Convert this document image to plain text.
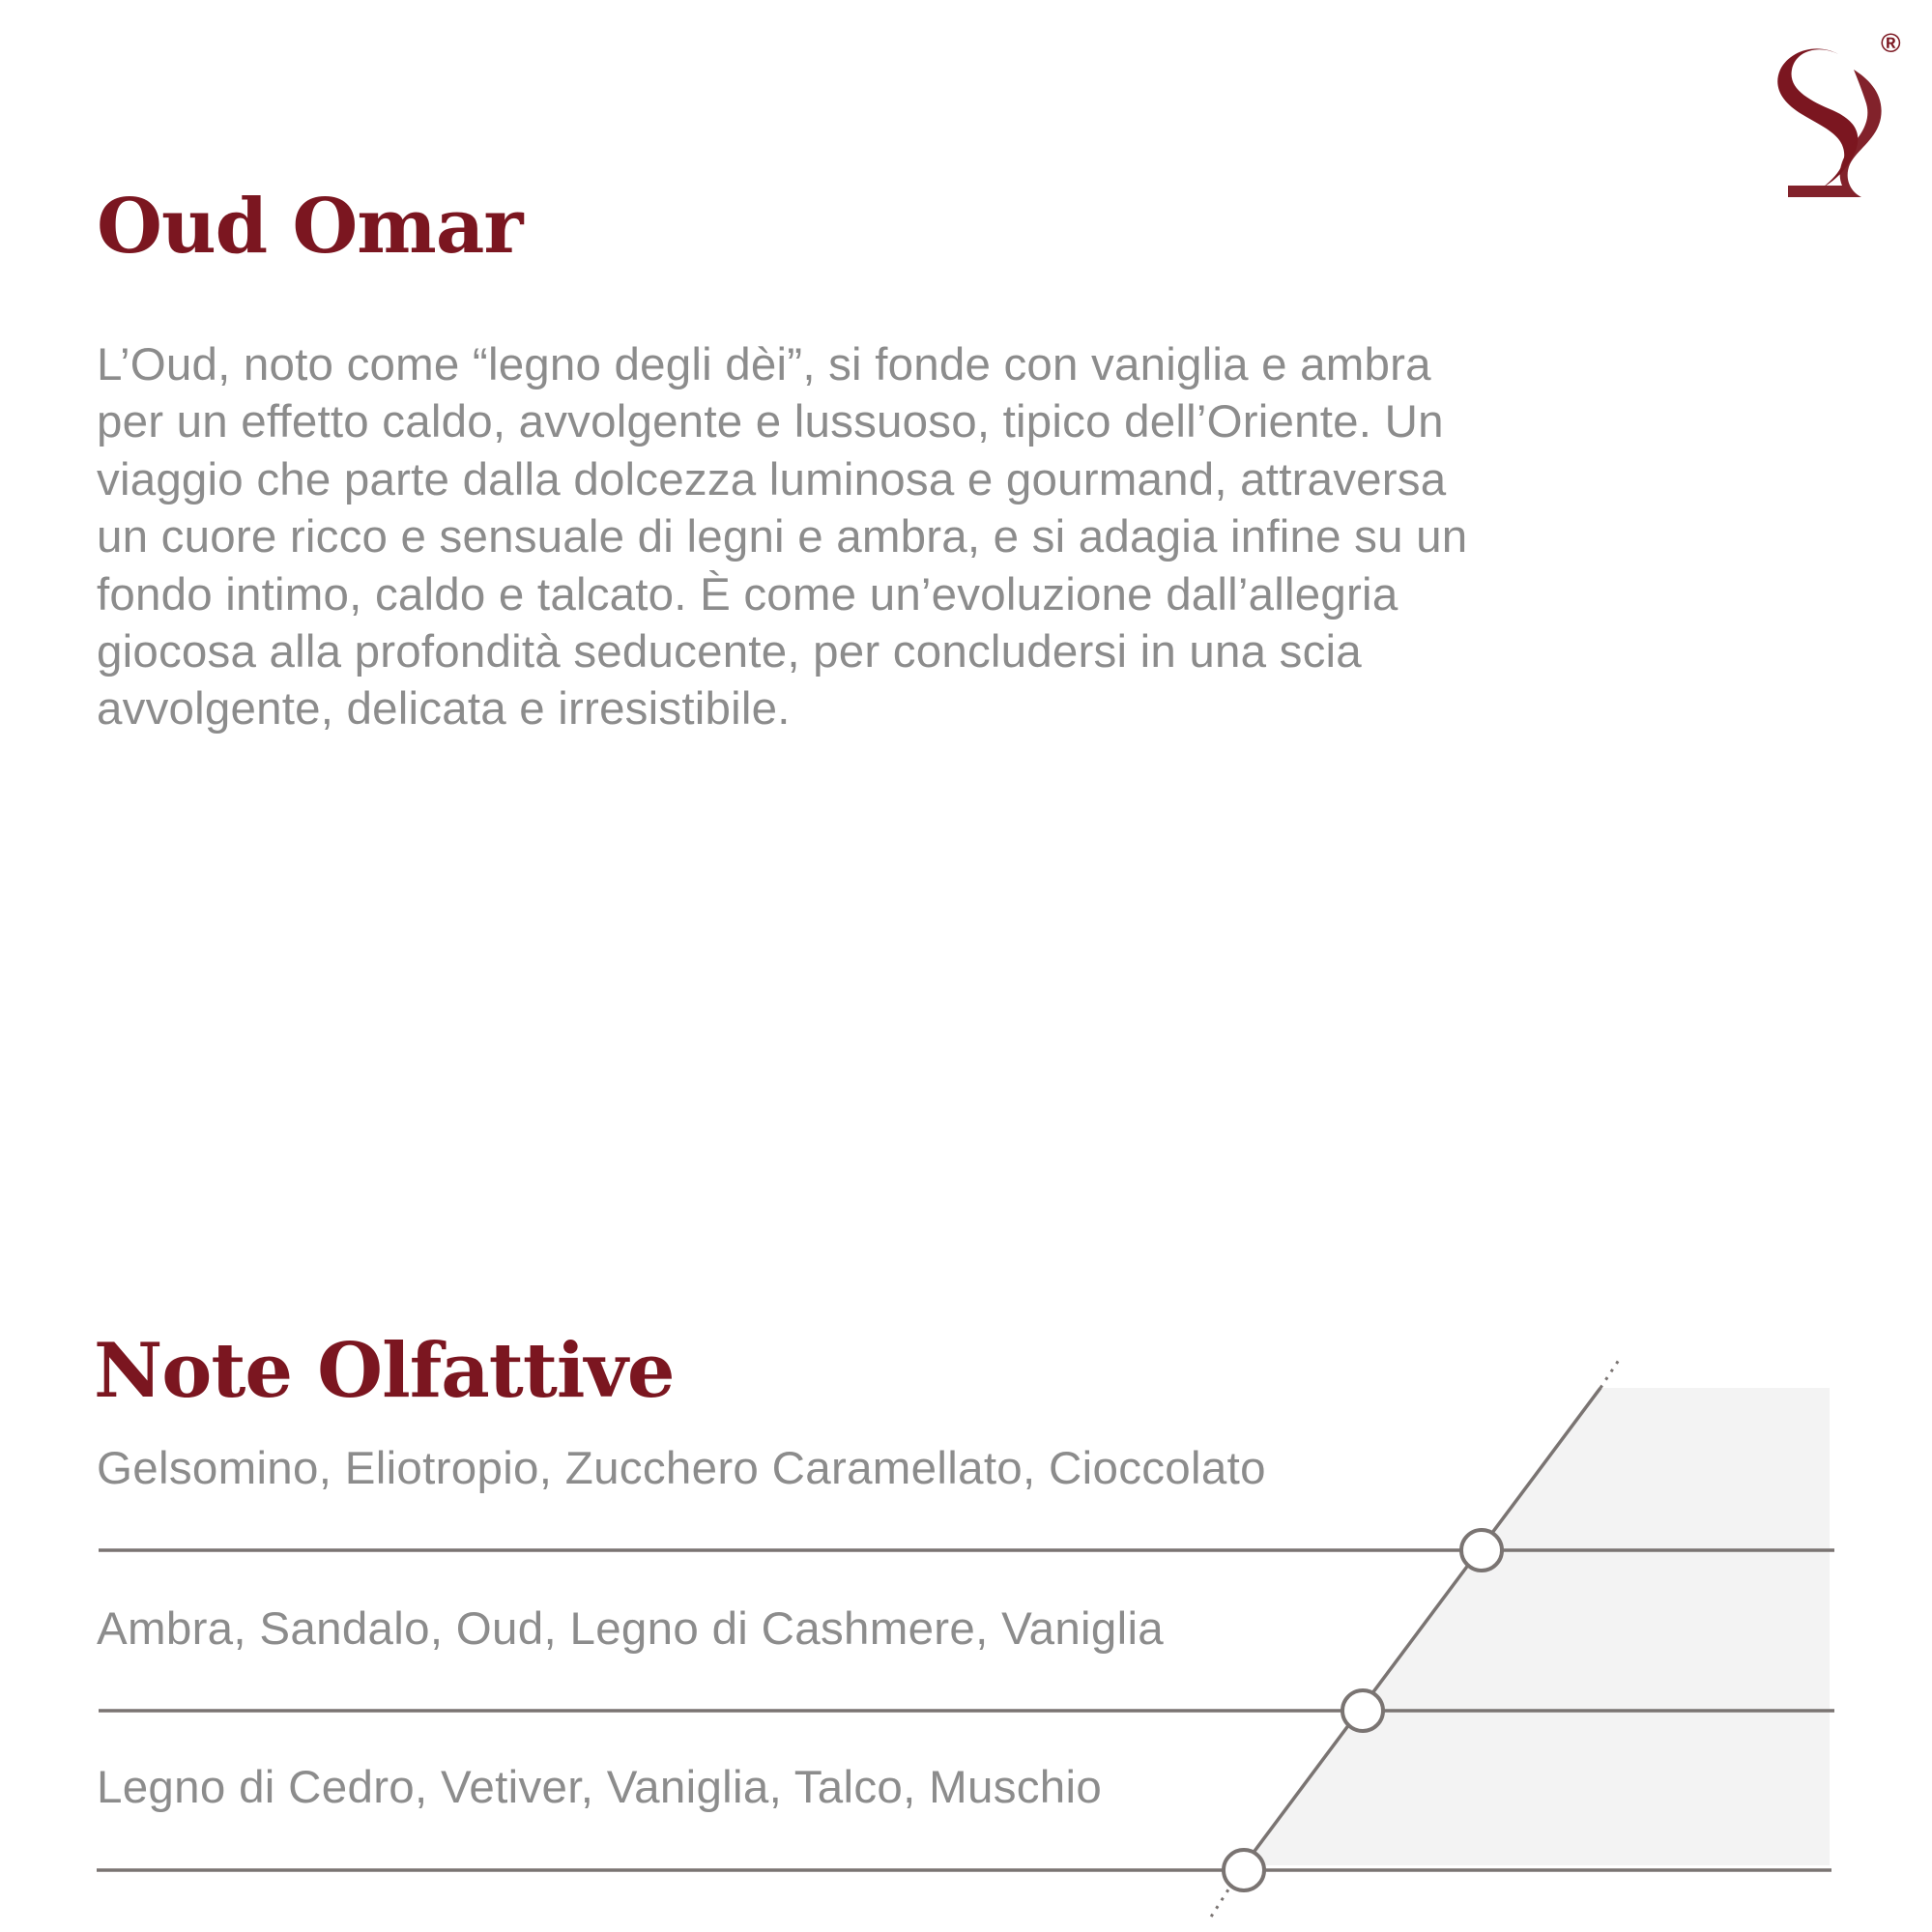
®
Oud Omar

L’Oud, noto come “legno degli dèi”, si fonde con vaniglia e ambra per un effetto caldo, avvolgente e lussuoso, tipico dell’Oriente. Un viaggio che parte dalla dolcezza luminosa e gourmand, attraversa un cuore ricco e sensuale di legni e ambra, e si adagia infine su un fondo intimo, caldo e talcato. È come un’evoluzione dall’allegria giocosa alla profondità seducente, per concludersi in una scia avvolgente, delicata e irresistibile.

Note Olfattive

Gelsomino, Eliotropio, Zucchero Caramellato, Cioccolato

Ambra, Sandalo, Oud, Legno di Cashmere, Vaniglia

Legno di Cedro, Vetiver, Vaniglia, Talco, Muschio
